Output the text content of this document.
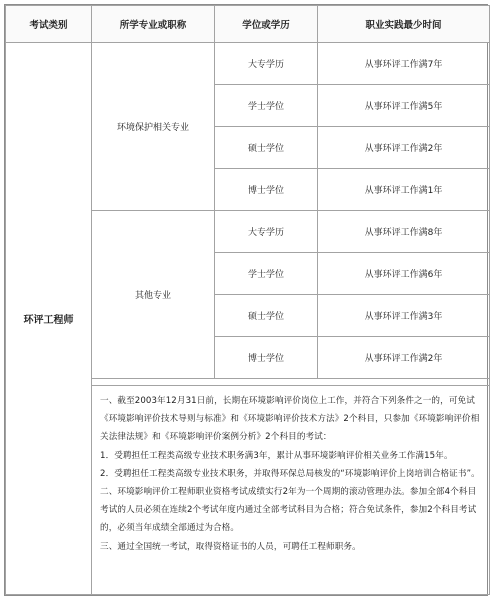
考试类别	所学专业或职称	学位或学历	职业实践最少时间
环评工程师	环境保护相关专业	大专学历	从事环评工作满7年
		学士学位	从事环评工作满5年
		硕士学位	从事环评工作满2年
		博士学位	从事环评工作满1年
	其他专业	大专学历	从事环评工作满8年
		学士学位	从事环评工作满6年
		硕士学位	从事环评工作满3年
		博士学位	从事环评工作满2年

	一、截至2003年12月31日前，长期在环境影响评价岗位上工作，并符合下列条件之一的，可免试《环境影响评价技术导则与标准》和《环境影响评价技术方法》2个科目，只参加《环境影响评价相关法律法规》和《环境影响评价案例分析》2个科目的考试：

1．受聘担任工程类高级专业技术职务满3年，累计从事环境影响评价相关业务工作满15年。

2．受聘担任工程类高级专业技术职务，并取得环保总局核发的“环境影响评价上岗培训合格证书”。

二、环境影响评价工程师职业资格考试成绩实行2年为一个周期的滚动管理办法。参加全部4个科目考试的人员必须在连续2个考试年度内通过全部考试科目为合格；符合免试条件，参加2个科目考试的，必须当年成绩全部通过为合格。

三、通过全国统一考试，取得资格证书的人员，可聘任工程师职务。		
